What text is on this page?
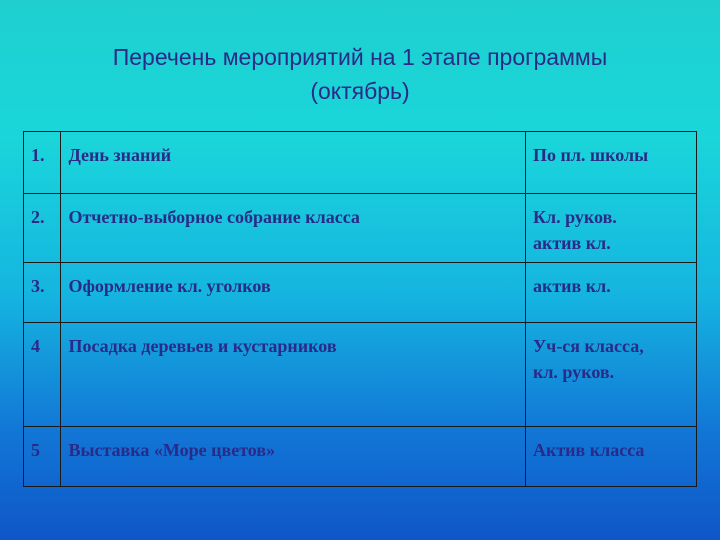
Перечень мероприятий на 1 этапе программы
(октябрь)
1.	День знаний	По пл. школы

2.	Отчетно-выборное собрание класса	Кл. руков.
актив кл.

3.	Оформление кл. уголков	актив кл.

4	Посадка деревьев и кустарников	Уч-ся класса,
кл. руков.

5	Выставка «Море цветов»	Актив класса
